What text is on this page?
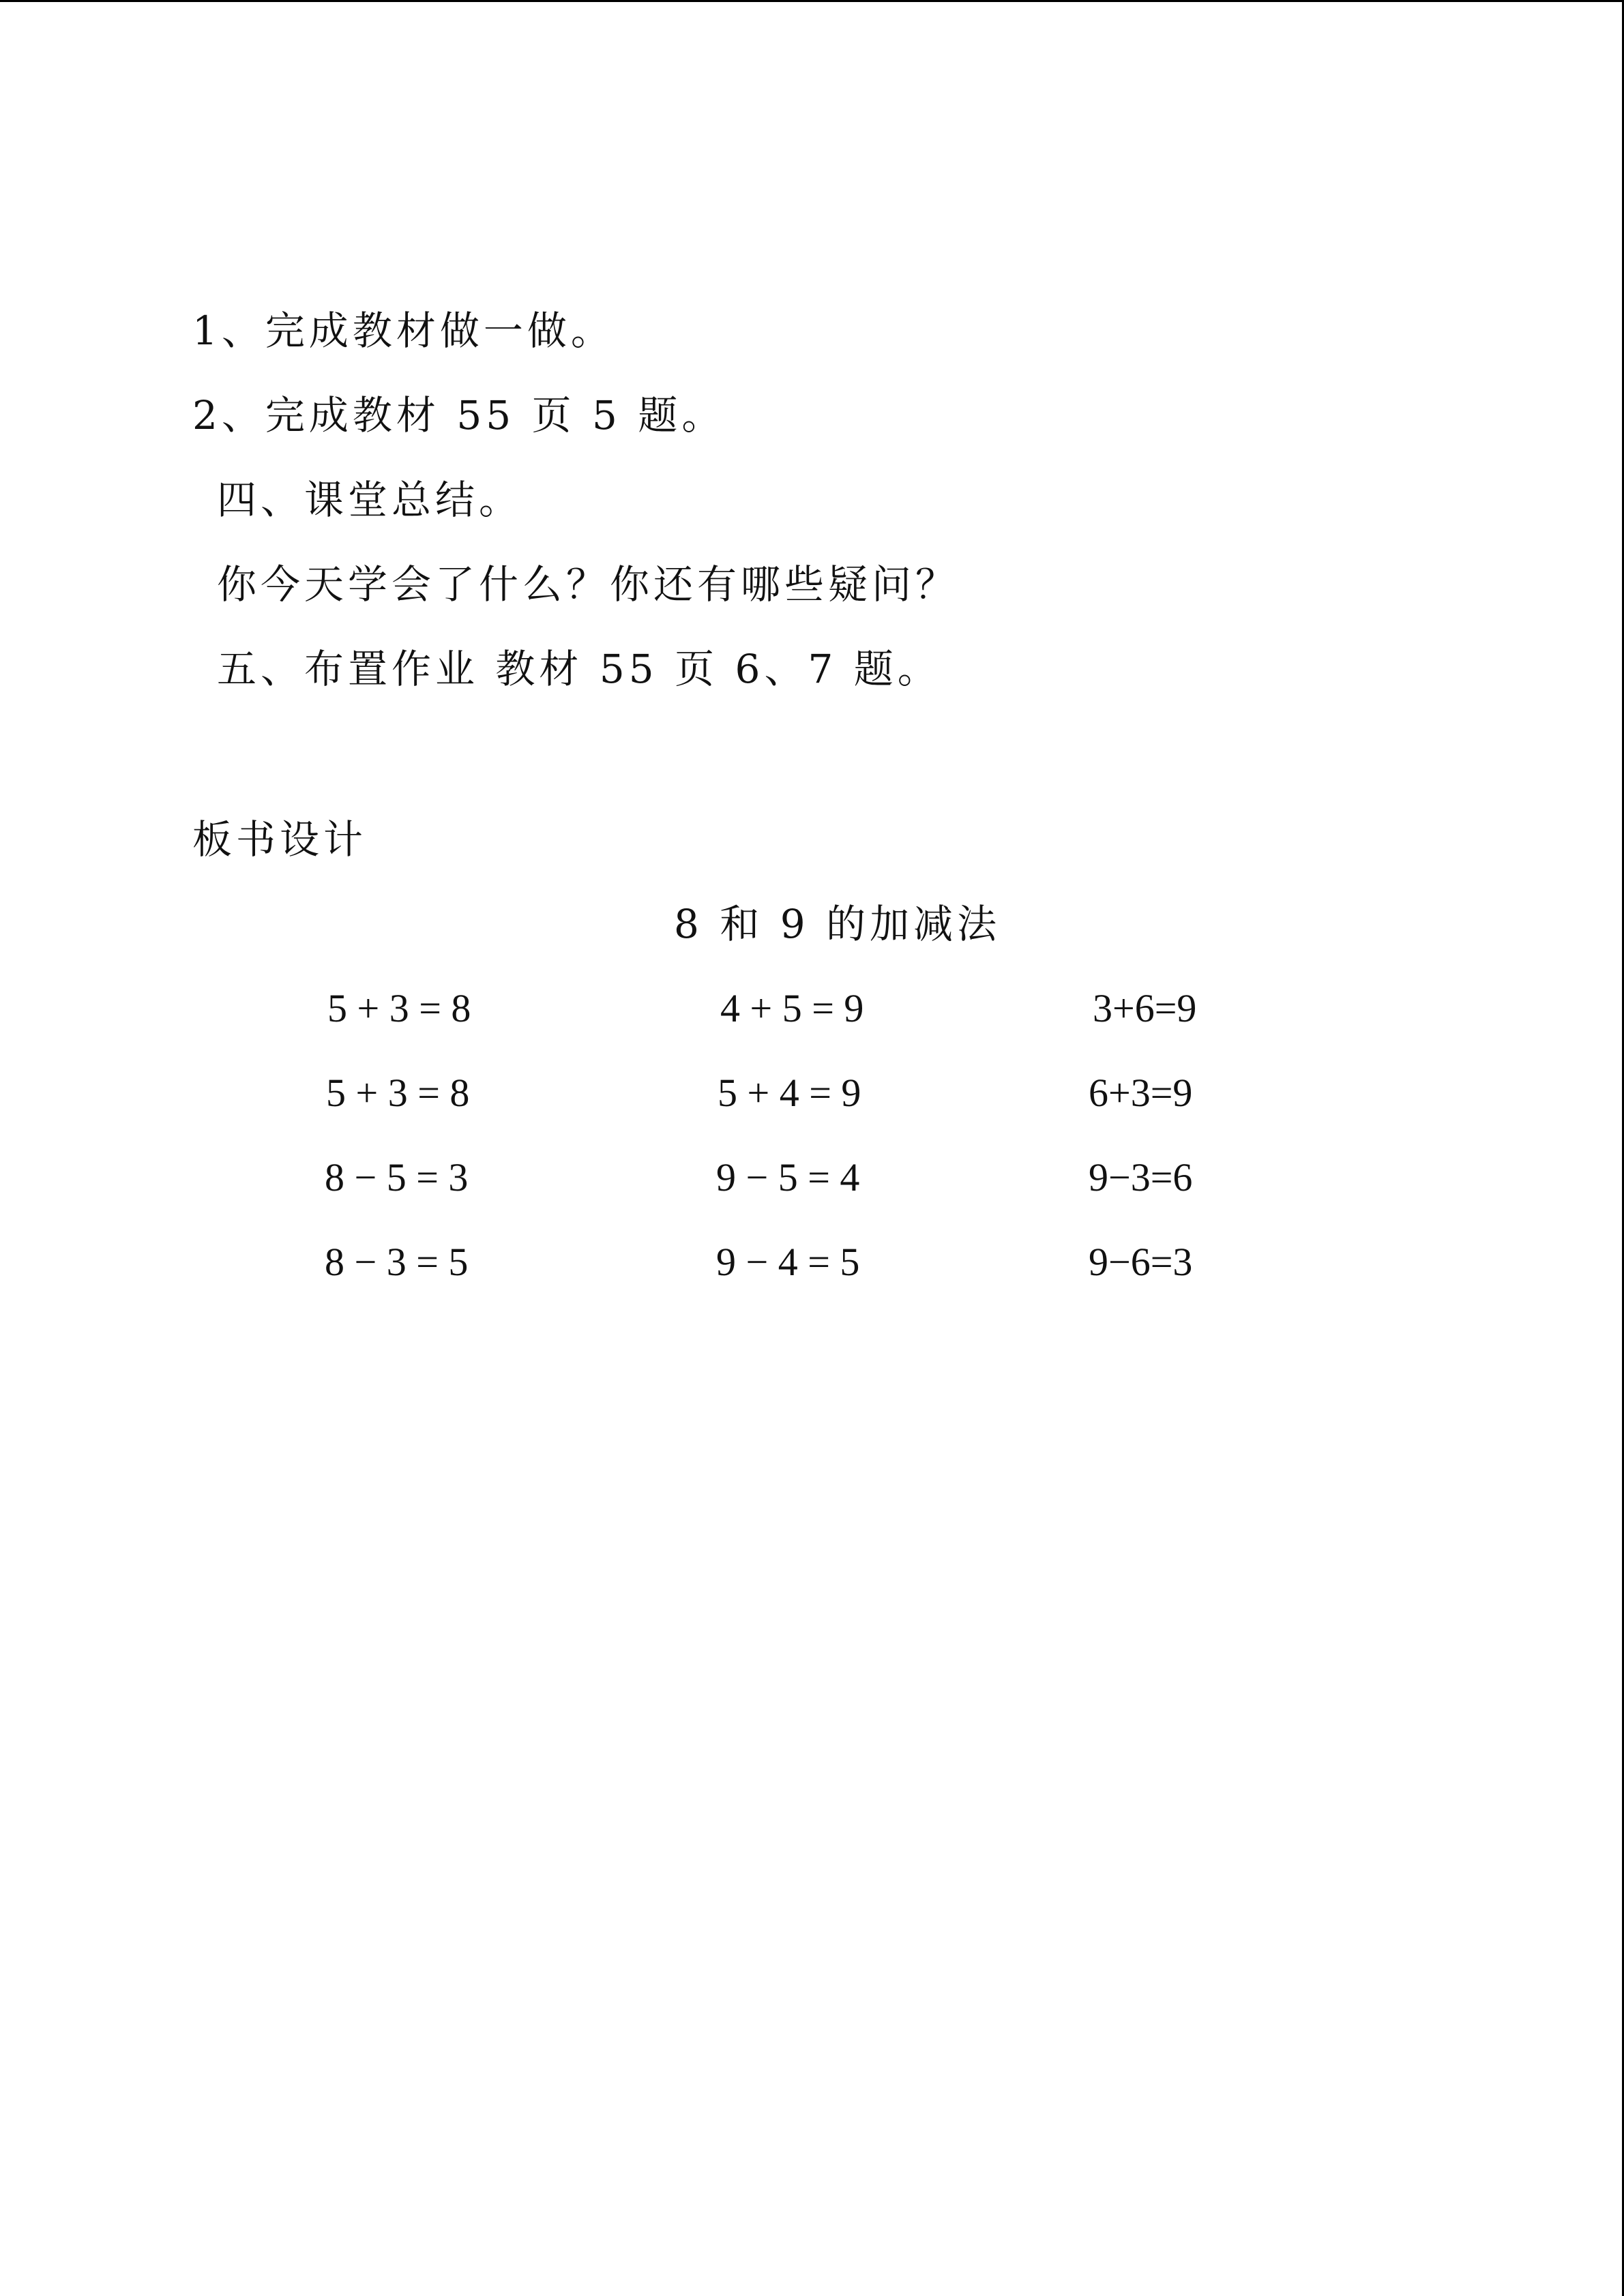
1、完成教材做一做。
2、完成教材 55 页 5 题。
四、课堂总结。
你今天学会了什么？你还有哪些疑问？
五、布置作业 教材 55 页 6、7 题。
板书设计
8 和 9 的加减法
5 + 3 = 8
5 + 3 = 8
8 − 5 = 3
8 − 3 = 5
4 + 5 = 9
5 + 4 = 9
9 − 5 = 4
9 − 4 = 5
3+6=9
6+3=9
9−3=6
9−6=3
